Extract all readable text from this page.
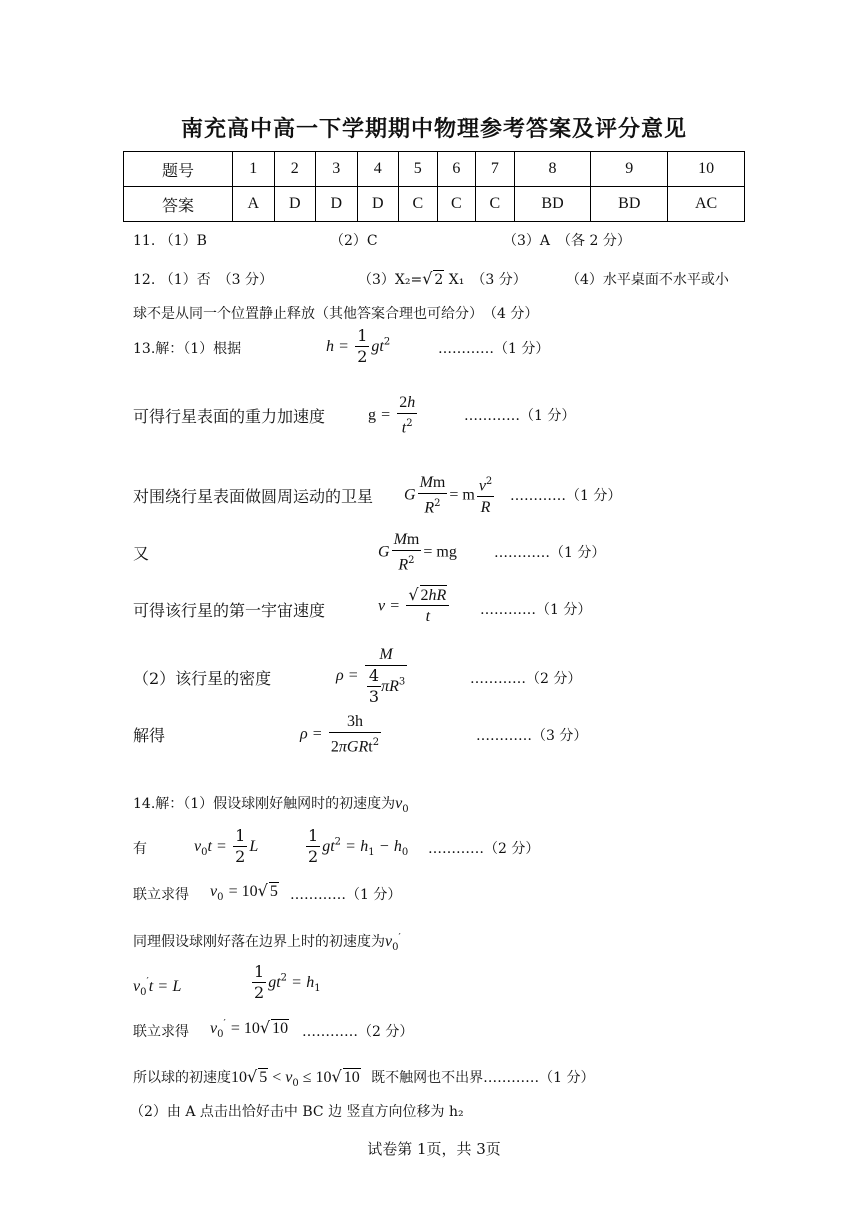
南充高中高一下学期期中物理参考答案及评分意见
题号	1	2	3	4	5	6	7	8	9	10
答案	A	D	D	D	C	C	C	BD	BD	AC
11. （1）B	（2）C	（3）A　（各 2 分）
12. （1）否　（3 分）	（3）X₂=√ 2 X₁　（3 分）	（4）水平桌面不水平或小
球不是从同一个位置静止释放（其他答案合理也可给分）　（4 分）
13.解：（1）根据	$h = \frac{1}{2} gt^2$	…………（1 分）
可得行星表面的重力加速度	$g = \frac{2h}{t^2}$	…………（1 分）
对围绕行星表面做圆周运动的卫星 G $\frac{Mm}{R^2} = m \frac{v^2}{R}$ …………（1 分）
又	G $\frac{Mm}{R^2}$ = mg	…………（1 分）
可得该行星的第一宇宙速度	$v = \frac{√ 2hR}{t}$ …………（1 分）
（2）该行星的密度	$\rho = \frac{M}{\frac{4}{3} \pi R^3}$	…………（2 分）
解得	$\rho = \frac{3h}{2\pi GRt^2}$	…………（3 分）
14.解：（1）假设球刚好触网时的初速度为$v_0$
有	$v_0t = \frac{1}{2}$ L	$\frac{1}{2} gt^2 = h_1 - h_0$ …………（2 分）
联立求得 $v_0 = 10√$ 5 …………（1 分）
同理假设球刚好落在边界上时的初速度为$v_0'$
$v_0't = L$	$\frac{1}{2} gt^2 = h_1$
联立求得 $v_0' = 10√$ 10 …………（2 分）
所以球的初速度10√ $5 < v_0 \le 10√$ 10 既不触网也不出界…………（1 分）
（2）由 A 点击出恰好击中 BC 边 竖直方向位移为 h₂
试卷第 1页，共 3页
